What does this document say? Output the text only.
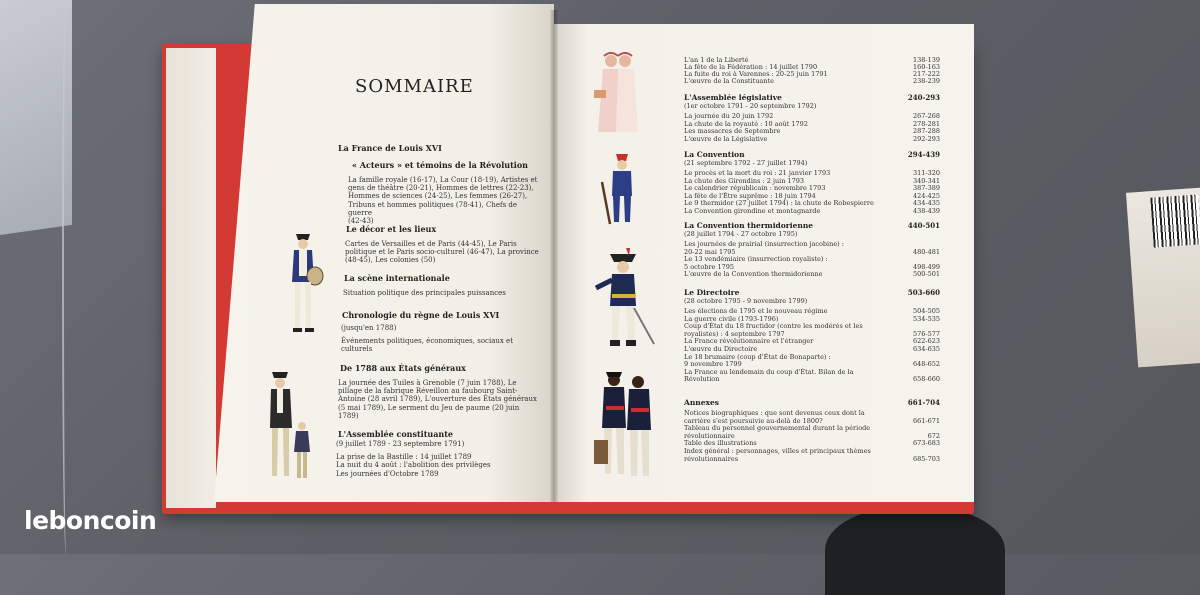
SOMMAIRE
La France de Louis XVI
« Acteurs » et témoins de la Révolution
La famille royale (16-17), La Cour (18-19), Artistes et
gens de théâtre (20-21), Hommes de lettres (22-23),
Hommes de sciences (24-25), Les femmes (26-27),
Tribuns et hommes politiques (78-41), Chefs de guerre
(42-43)
Le décor et les lieux
Cartes de Versailles et de Paris (44-45), Le Paris
politique et le Paris socio-culturel (46-47), La province
(48-45), Les colonies (50)
La scène internationale
Situation politique des principales puissances
Chronologie du règne de Louis XVI
(jusqu'en 1788)
Événements politiques, économiques, sociaux et
culturels
De 1788 aux États généraux
La journée des Tuiles à Grenoble (7 juin 1788), Le
pillage de la fabrique Réveillon au faubourg Saint-
Antoine (28 avril 1789), L'ouverture des États généraux
(5 mai 1789), Le serment du Jeu de paume (20 juin 1789)
L'Assemblée constituante
(9 juillet 1789 - 23 septembre 1791)
La prise de la Bastille : 14 juillet 1789
La nuit du 4 août : l'abolition des privilèges
Les journées d'Octobre 1789
L'an 1 de la Liberté	138-139
La fête de la Fédération : 14 juillet 1790	160-163
La fuite du roi à Varennes : 20-25 juin 1791	217-222
L'œuvre de la Constituante	238-239
L'Assemblée législative	240-293
(1er octobre 1791 - 20 septembre 1792)
La journée du 20 juin 1792	267-268
La chute de la royauté : 10 août 1792	278-281
Les massacres de Septembre	287-288
L'œuvre de la Législative	292-293
La Convention	294-439
(21 septembre 1792 - 27 juillet 1794)
Le procès et la mort du roi : 21 janvier 1793	311-320
La chute des Girondins : 2 juin 1793	340-341
Le calendrier républicain : novembre 1793	387-389
La fête de l'Être suprême : 18 juin 1794	424-425
Le 9 thermidor (27 juillet 1794) : la chute de Robespierre	434-435
La Convention girondine et montagnarde	438-439
La Convention thermidorienne	440-501
(28 juillet 1794 - 27 octobre 1795)
Les journées de prairial (insurrection jacobine) :
20-22 mai 1795	480-481
Le 13 vendémiaire (insurrection royaliste) :
5 octobre 1795	498-499
L'œuvre de la Convention thermidorienne	500-501
Le Directoire	503-660
(28 octobre 1795 - 9 novembre 1799)
Les élections de 1795 et le nouveau régime	504-505
La guerre civile (1793-1796)	534-535
Coup d'État du 18 fructidor (contre les modérés et les
royalistes) : 4 septembre 1797	576-577
La France révolutionnaire et l'étranger	622-623
L'œuvre du Directoire	634-635
Le 18 brumaire (coup d'État de Bonaparte) :
9 novembre 1799	648-652
La France au lendemain du coup d'État. Bilan de la
Révolution	658-660
Annexes	661-704
Notices biographiques : que sont devenus ceux dont la
carrière s'est poursuivie au-delà de 1800?	661-671
Tableau du personnel gouvernemental durant la période
révolutionnaire	672
Table des illustrations	673-683
Index général : personnages, villes et principaux thèmes
révolutionnaires	685-703
leboncoin
